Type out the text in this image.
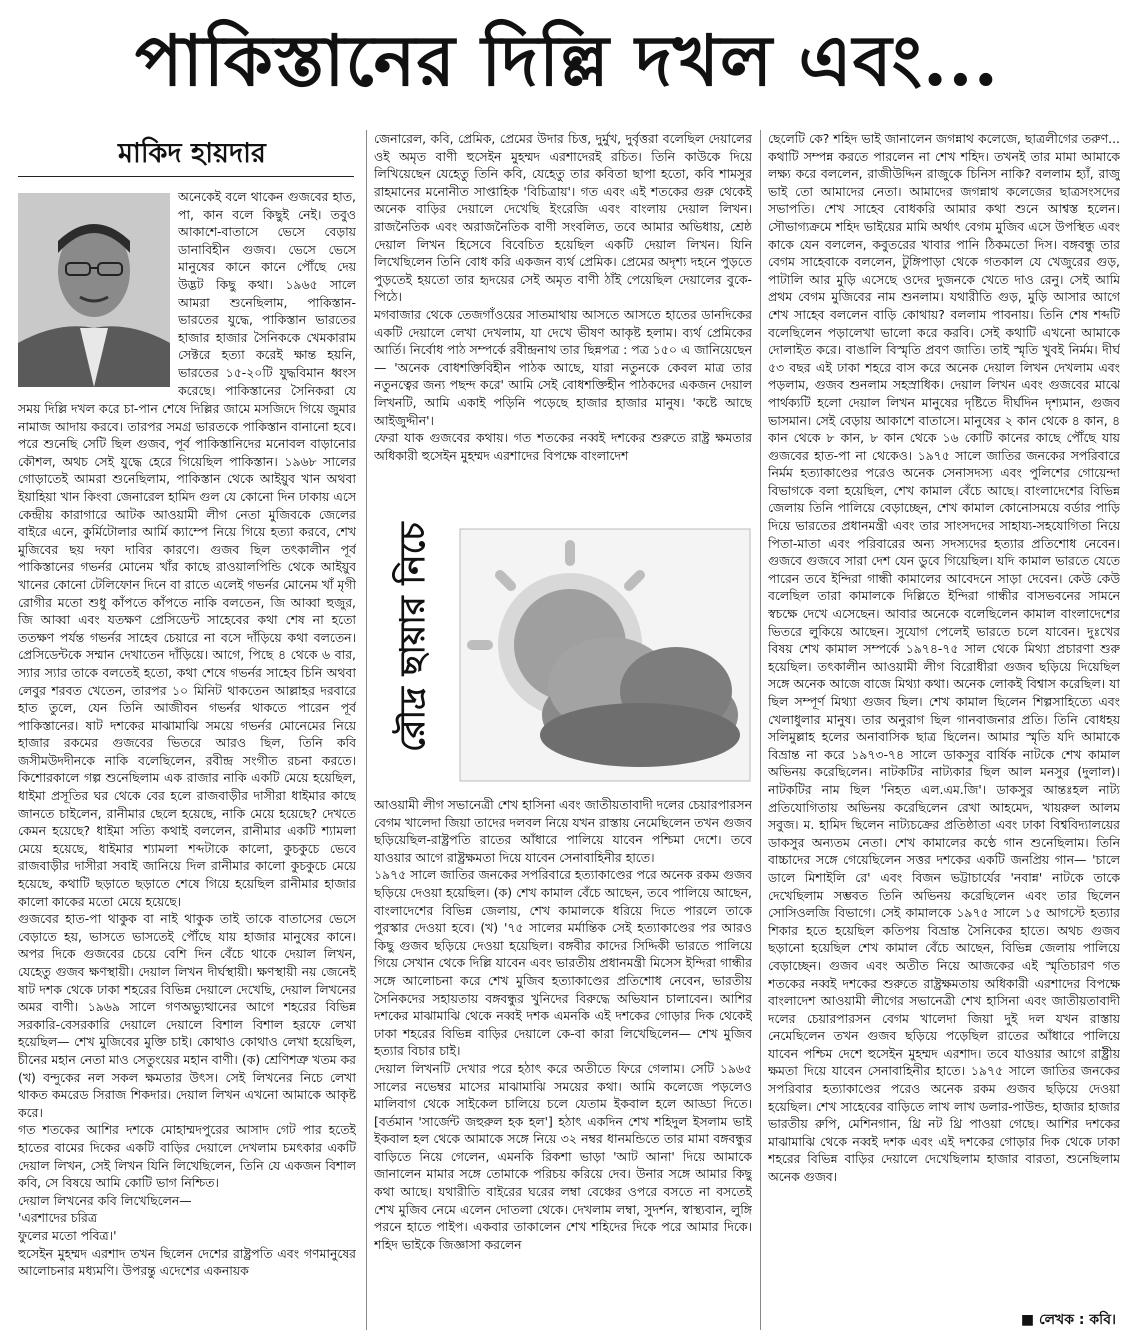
পাকিস্তানের দিল্লি দখল এবং...
মাকিদ হায়দার
অনেকেই বলে থাকেন গুজবের হাত, পা, কান বলে কিছুই নেই। তবুও আকাশে-বাতাসে ভেসে বেড়ায় ডানাবিহীন গুজব। ভেসে ভেসে মানুষের কানে কানে পৌঁছে দেয় উদ্ভট কিছু কথা। ১৯৬৫ সালে আমরা শুনেছিলাম, পাকিস্তান-ভারতের যুদ্ধে, পাকিস্তান ভারতের হাজার হাজার সৈনিককে খেমকারাম সেক্টরে হত্যা করেই ক্ষান্ত হয়নি, ভারতের ১৫-২০টি যুদ্ধবিমান ধ্বংস করেছে। পাকিস্তানের সৈনিকরা যে

সময় দিল্লি দখল করে চা-পান শেষে দিল্লির জামে মসজিদে গিয়ে জুমার নামাজ আদায় করবে। তারপর সমগ্র ভারতকে পাকিস্তান বানানো হবে। পরে শুনেছি সেটি ছিল গুজব, পূর্ব পাকিস্তানিদের মনোবল বাড়ানোর কৌশল, অথচ সেই যুদ্ধে হেরে গিয়েছিল পাকিস্তান। ১৯৬৮ সালের গোড়াতেই আমরা শুনেছিলাম, পাকিস্তান থেকে আইয়ুব খান অথবা ইয়াহিয়া খান কিংবা জেনারেল হামিদ গুল যে কোনো দিন ঢাকায় এসে কেন্দ্রীয় কারাগারে আটক আওয়ামী লীগ নেতা মুজিবকে জেলের বাইরে এনে, কুর্মিটোলার আর্মি ক্যাম্পে নিয়ে গিয়ে হত্যা করবে, শেখ মুজিবের ছয় দফা দাবির কারণে। গুজব ছিল তৎকালীন পূর্ব পাকিস্তানের গভর্নর মোনেম খাঁর কাছে রাওয়ালপিন্ডি থেকে আইয়ুব খানের কোনো টেলিফোন দিনে বা রাতে এলেই গভর্নর মোনেম খাঁ মৃগী রোগীর মতো শুধু কাঁপতে কাঁপতে নাকি বলতেন, জি আব্বা হুজুর, জি আব্বা এবং যতক্ষণ প্রেসিডেন্ট সাহেবের কথা শেষ না হতো ততক্ষণ পর্যন্ত গভর্নর সাহেব চেয়ারে না বসে দাঁড়িয়ে কথা বলতেন। প্রেসিডেন্টকে সম্মান দেখাতেন দাঁড়িয়ে। আগে, পিছে ৪ থেকে ৬ বার, স্যার স্যার তাকে বলতেই হতো, কথা শেষে গভর্নর সাহেব চিনি অথবা লেবুর শরবত খেতেন, তারপর ১০ মিনিট থাকতেন আল্লাহর দরবারে হাত তুলে, যেন তিনি আজীবন গভর্নর থাকতে পারেন পূর্ব পাকিস্তানের। ষাট দশকের মাঝামাঝি সময়ে গভর্নর মোনেমের নিয়ে হাজার রকমের গুজবের ভিতরে আরও ছিল, তিনি কবি জসীমউদদীনকে নাকি বলেছিলেন, রবীন্দ্র সংগীত রচনা করতে। কিশোরকালে গল্প শুনেছিলাম এক রাজার নাকি একটি মেয়ে হয়েছিল, ধাইমা প্রসূতির ঘর থেকে বের হলে রাজবাড়ীর দাসীরা ধাইমার কাছে জানতে চাইলেন, রানীমার ছেলে হয়েছে, নাকি মেয়ে হয়েছে? দেখতে কেমন হয়েছে? ধাইমা সত্যি কথাই বললেন, রানীমার একটি শ্যামলা মেয়ে হয়েছে, ধাইমার শ্যামলা শব্দটাকে কালো, কুচকুচে ভেবে রাজবাড়ীর দাসীরা সবাই জানিয়ে দিল রানীমার কালো কুচকুচে মেয়ে হয়েছে, কথাটি ছড়াতে ছড়াতে শেষে গিয়ে হয়েছিল রানীমার হাজার কালো কাকের মতো মেয়ে হয়েছে।

গুজবের হাত-পা থাকুক বা নাই থাকুক তাই তাকে বাতাসের ভেসে বেড়াতে হয়, ভাসতে ভাসতেই পৌঁছে যায় হাজার মানুষের কানে। অপর দিকে গুজবের চেয়ে বেশি দিন বেঁচে থাকে দেয়াল লিখন, যেহেতু গুজব ক্ষণস্থায়ী। দেয়াল লিখন দীর্ঘস্থায়ী। ক্ষণস্থায়ী নয় জেনেই ষাট দশক থেকে ঢাকা শহরের বিভিন্ন দেয়ালে দেখেছি, দেয়াল লিখনের অমর বাণী। ১৯৬৯ সালে গণঅভ্যুত্থানের আগে শহরের বিভিন্ন সরকারি-বেসরকারি দেয়ালে দেয়ালে বিশাল বিশাল হরফে লেখা হয়েছিল— শেখ মুজিবের মুক্তি চাই। কোথাও কোথাও লেখা হয়েছিল, চীনের মহান নেতা মাও সেতুংয়ের মহান বাণী। (ক) শ্রেণিশত্রু খতম কর (খ) বন্দুকের নল সকল ক্ষমতার উৎস। সেই লিখনের নিচে লেখা থাকত কমরেড সিরাজ শিকদার। দেয়াল লিখন এখনো আমাকে আকৃষ্ট করে।

গত শতকের আশির দশকে মোহাম্মদপুরের আসাদ গেট পার হতেই হাতের বামের দিকের একটি বাড়ির দেয়ালে দেখলাম চমৎকার একটি দেয়াল লিখন, সেই লিখন যিনি লিখেছিলেন, তিনি যে একজন বিশাল কবি, সে বিষয়ে আমি কোটি ভাগ নিশ্চিত।

দেয়াল লিখনের কবি লিখেছিলেন—

'এরশাদের চরিত্র

ফুলের মতো পবিত্র।'

হুসেইন মুহম্মদ এরশাদ তখন ছিলেন দেশের রাষ্ট্রপতি এবং গণমানুষের আলোচনার মধ্যমণি। উপরন্তু এদেশের একনায়ক

জেনারেল, কবি, প্রেমিক, প্রেমের উদার চিত্ত, দুর্মুখ, দুর্বৃত্তরা বলেছিল দেয়ালের ওই অমৃত বাণী হুসেইন মুহম্মদ এরশাদেরই রচিত। তিনি কাউকে দিয়ে লিখিয়েছেন যেহেতু তিনি কবি, যেহেতু তার কবিতা ছাপা হতো, কবি শামসুর রাহমানের মনোনীত সাপ্তাহিক 'বিচিত্রায়'। গত এবং এই শতকের গুরু থেকেই অনেক বাড়ির দেয়ালে দেখেছি ইংরেজি এবং বাংলায় দেয়াল লিখন। রাজনৈতিক এবং অরাজনৈতিক বাণী সংবলিত, তবে আমার অভিধায়, শ্রেষ্ঠ দেয়াল লিখন হিসেবে বিবেচিত হয়েছিল একটি দেয়াল লিখন। যিনি লিখেছিলেন তিনি বোধ করি একজন ব্যর্থ প্রেমিক। প্রেমের অদৃশ্য দহনে পুড়তে পুড়তেই হয়তো তার হৃদয়ের সেই অমৃত বাণী ঠাঁই পেয়েছিল দেয়ালের বুকে-পিঠে।

মগবাজার থেকে তেজগাঁওয়ের সাতমাথায় আসতে আসতে হাতের ডানদিকের একটি দেয়ালে লেখা দেখলাম, যা দেখে ভীষণ আকৃষ্ট হলাম। ব্যর্থ প্রেমিকের আর্তি। নির্বোধ পাঠ সম্পর্কে রবীন্দ্রনাথ তার ছিন্নপত্র : পত্র ১৫০ এ জানিয়েছেন— 'অনেক বোধশক্তিবিহীন পাঠক আছে, যারা নতুনকে কেবল মাত্র তার নতুনত্বের জন্য পছন্দ করে' আমি সেই বোধশক্তিহীন পাঠকদের একজন দেয়াল লিখনটি, আমি একাই পড়িনি পড়েছে হাজার হাজার মানুষ। 'কষ্টে আছে আইজুদ্দীন'।

ফেরা যাক গুজবের কথায়। গত শতকের নব্বই দশকের শুরুতে রাষ্ট্র ক্ষমতার অধিকারী হুসেইন মুহম্মদ এরশাদের বিপক্ষে বাংলাদেশ

রৌদ্র ছায়ার নিচে

আওয়ামী লীগ সভানেত্রী শেখ হাসিনা এবং জাতীয়তাবাদী দলের চেয়ারপারসন বেগম খালেদা জিয়া তাদের দলবল নিয়ে যখন রাস্তায় নেমেছিলেন তখন গুজব ছড়িয়েছিল-রাষ্ট্রপতি রাতের আঁধারে পালিয়ে যাবেন পশ্চিমা দেশে। তবে যাওয়ার আগে রাষ্ট্রক্ষমতা দিয়ে যাবেন সেনাবাহিনীর হাতে।

১৯৭৫ সালে জাতির জনকের সপরিবারে হত্যাকাণ্ডের পরে অনেক রকম গুজব ছড়িয়ে দেওয়া হয়েছিল। (ক) শেখ কামাল বেঁচে আছেন, তবে পালিয়ে আছেন, বাংলাদেশের বিভিন্ন জেলায়, শেখ কামালকে ধরিয়ে দিতে পারলে তাকে পুরস্কার দেওয়া হবে। (খ) '৭৫ সালের মর্মান্তিক সেই হত্যাকাণ্ডের পর আরও কিছু গুজব ছড়িয়ে দেওয়া হয়েছিল। বঙ্গবীর কাদের সিদ্দিকী ভারতে পালিয়ে গিয়ে সেখান থেকে দিল্লি যাবেন এবং ভারতীয় প্রধানমন্ত্রী মিসেস ইন্দিরা গান্ধীর সঙ্গে আলোচনা করে শেখ মুজিব হত্যাকাণ্ডের প্রতিশোধ নেবেন, ভারতীয় সৈনিকদের সহায়তায় বঙ্গবন্ধুর খুনিদের বিরুদ্ধে অভিযান চালাবেন। আশির দশকের মাঝামাঝি থেকে নব্বই দশক এমনকি এই দশকের গোড়ার দিক থেকেই ঢাকা শহরের বিভিন্ন বাড়ির দেয়ালে কে-বা কারা লিখেছিলেন— শেখ মুজিব হত্যার বিচার চাই।

দেয়াল লিখনটি দেখার পরে হঠাৎ করে অতীতে ফিরে গেলাম। সেটি ১৯৬৫ সালের নভেম্বর মাসের মাঝামাঝি সময়ের কথা। আমি কলেজে পড়লেও মালিবাগ থেকে সাইকেল চালিয়ে চলে যেতাম ইকবাল হলে আড্ডা দিতে। [বর্তমান 'সার্জেন্ট জহুরুল হক হল'] হঠাৎ একদিন শেখ শহিদুল ইসলাম ভাই ইকবাল হল থেকে আমাকে সঙ্গে নিয়ে ৩২ নম্বর ধানমন্ডিতে তার মামা বঙ্গবন্ধুর বাড়িতে নিয়ে গেলেন, এমনকি রিকশা ভাড়া 'আট আনা' দিয়ে আমাকে জানালেন মামার সঙ্গে তোমাকে পরিচয় করিয়ে দেব। উনার সঙ্গে আমার কিছু কথা আছে। যথারীতি বাইরের ঘরের লম্বা বেঞ্চের ওপরে বসতে না বসতেই শেখ মুজিব নেমে এলেন দোতলা থেকে। দেখলাম লম্বা, সুদর্শন, স্বাস্থ্যবান, লুঙ্গি পরনে হাতে পাইপ। একবার তাকালেন শেখ শহিদের দিকে পরে আমার দিকে। শহিদ ভাইকে জিজ্ঞাসা করলেন

ছেলেটি কে? শহিদ ভাই জানালেন জগন্নাথ কলেজে, ছাত্রলীগের তরুণ... কথাটি সম্পন্ন করতে পারলেন না শেখ শহিদ। তখনই তার মামা আমাকে লক্ষ্য করে বললেন, রাজীউদ্দিন রাজুকে চিনিস নাকি? বললাম হ্যাঁ, রাজু ভাই তো আমাদের নেতা। আমাদের জগন্নাথ কলেজের ছাত্রসংসদের সভাপতি। শেখ সাহেব বোধকরি আমার কথা শুনে আশ্বস্ত হলেন। সৌভাগ্যক্রমে শহিদ ভাইয়ের মামি অর্থাৎ বেগম মুজিব এসে উপস্থিত এবং কাকে যেন বললেন, কবুতরের খাবার পানি ঠিকমতো দিস। বঙ্গবন্ধু তার বেগম সাহেবাকে বললেন, টুঙ্গিপাড়া থেকে গতকাল যে খেজুরের গুড়, পাটালি আর মুড়ি এসেছে ওদের দুজনকে খেতে দাও রেনু। সেই আমি প্রথম বেগম মুজিবের নাম শুনলাম। যথারীতি গুড়, মুড়ি আসার আগে শেখ সাহেব বললেন বাড়ি কোথায়? বললাম পাবনায়। তিনি শেষ শব্দটি বলেছিলেন পড়ালেখা ভালো করে করবি। সেই কথাটি এখনো আমাকে দোলাইত করে। বাঙালি বিস্মৃতি প্রবণ জাতি। তাই স্মৃতি খুবই নির্মম। দীর্ঘ ৫৩ বছর এই ঢাকা শহরে বাস করে অনেক দেয়াল লিখন দেখলাম এবং পড়লাম, গুজব শুনলাম সহস্রাধিক। দেয়াল লিখন এবং গুজবের মাঝে পার্থক্যটি হলো দেয়াল লিখন মানুষের দৃষ্টিতে দীর্ঘদিন দৃশ্যমান, গুজব ভাসমান। সেই বেড়ায় আকাশে বাতাসে। মানুষের ২ কান থেকে ৪ কান, ৪ কান থেকে ৮ কান, ৮ কান থেকে ১৬ কোটি কানের কাছে পৌঁছে যায় গুজবের হাত-পা না থেকেও। ১৯৭৫ সালে জাতির জনকের সপরিবারে নির্মম হত্যাকাণ্ডের পরেও অনেক সেনাসদস্য এবং পুলিশের গোয়েন্দা বিভাগকে বলা হয়েছিল, শেখ কামাল বেঁচে আছে। বাংলাদেশের বিভিন্ন জেলায় তিনি পালিয়ে বেড়াচ্ছেন, শেখ কামাল কোনোসময়ে বর্ডার পাড়ি দিয়ে ভারতের প্রধানমন্ত্রী এবং তার সাংসদদের সাহায্য-সহযোগিতা নিয়ে পিতা-মাতা এবং পরিবারের অন্য সদস্যদের হত্যার প্রতিশোধ নেবেন। গুজবে গুজবে সারা দেশ যেন ডুবে গিয়েছিল। যদি কামাল ভারতে যেতে পারেন তবে ইন্দিরা গান্ধী কামালের আবেদনে সাড়া দেবেন। কেউ কেউ বলেছিল তারা কামালকে দিল্লিতে ইন্দিরা গান্ধীর বাসভবনের সামনে স্বচক্ষে দেখে এসেছেন। আবার অনেকে বলেছিলেন কামাল বাংলাদেশের ভিতরে লুকিয়ে আছেন। সুযোগ পেলেই ভারতে চলে যাবেন। দুঃখের বিষয় শেখ কামাল সম্পর্কে ১৯৭৪-৭৫ সাল থেকে মিথ্যা প্রচারণা শুরু হয়েছিল। তৎকালীন আওয়ামী লীগ বিরোধীরা গুজব ছড়িয়ে দিয়েছিল সঙ্গে অনেক আজে বাজে মিথ্যা কথা। অনেক লোকই বিশ্বাস করেছিল। যা ছিল সম্পূর্ণ মিথ্যা গুজব ছিল। শেখ কামাল ছিলেন শিল্পসাহিত্যে এবং খেলাধুলার মানুষ। তার অনুরাগ ছিল গানবাজনার প্রতি। তিনি বোধহয় সলিমুল্লাহ হলের অনাবাসিক ছাত্র ছিলেন। আমার স্মৃতি যদি আমাকে বিভ্রান্ত না করে ১৯৭৩-৭৪ সালে ডাকসুর বার্ষিক নাটকে শেখ কামাল অভিনয় করেছিলেন। নাটকটির নাট্যকার ছিল আল মনসুর (দুলাল)। নাটকটির নাম ছিল 'নিহত এল.এম.জি'। ডাকসুর আন্তঃহল নাট্য প্রতিযোগিতায় অভিনয় করেছিলেন রেখা আহমেদ, খায়রুল আলম সবুজ। ম. হামিদ ছিলেন নাট্যচক্রের প্রতিষ্ঠাতা এবং ঢাকা বিশ্ববিদ্যালয়ের ডাকসুর অন্যতম নেতা। শেখ কামালের কণ্ঠে গান শুনেছিলাম। তিনি বাচ্চাদের সঙ্গে গেয়েছিলেন সত্তর দশকের একটি জনপ্রিয় গান— 'চালে ডালে মিশাইলি রে' এবং বিজন ভট্টাচার্যের 'নবান্ন' নাটকে তাকে দেখেছিলাম সম্ভবত তিনি অভিনয় করেছিলেন এবং তার ছিলেন সোসিওলজি বিভাগে। সেই কামালকে ১৯৭৫ সালে ১৫ আগস্টে হত্যার শিকার হতে হয়েছিল কতিপয় বিভ্রান্ত সৈনিকের হাতে। অথচ গুজব ছড়ানো হয়েছিল শেখ কামাল বেঁচে আছেন, বিভিন্ন জেলায় পালিয়ে বেড়াচ্ছেন। গুজব এবং অতীত নিয়ে আজকের এই স্মৃতিচারণ গত শতকের নব্বই দশকের শুরুতে রাষ্ট্রক্ষমতায় অধিকারী এরশাদের বিপক্ষে বাংলাদেশ আওয়ামী লীগের সভানেত্রী শেখ হাসিনা এবং জাতীয়তাবাদী দলের চেয়ারপারসন বেগম খালেদা জিয়া দুই দল যখন রাস্তায় নেমেছিলেন তখন গুজব ছড়িয়ে পড়েছিল রাতের আঁধারে পালিয়ে যাবেন পশ্চিম দেশে হুসেইন মুহম্মদ এরশাদ। তবে যাওয়ার আগে রাষ্ট্রীয় ক্ষমতা দিয়ে যাবেন সেনাবাহিনীর হাতে। ১৯৭৫ সালে জাতির জনকের সপরিবার হত্যাকাণ্ডের পরেও অনেক রকম গুজব ছড়িয়ে দেওয়া হয়েছিল। শেখ সাহেবের বাড়িতে লাখ লাখ ডলার-পাউন্ড, হাজার হাজার ভারতীয় রুপি, মেশিনগান, থ্রি নট থ্রি পাওয়া গেছে। আশির দশকের মাঝামাঝি থেকে নব্বই দশক এবং এই দশকের গোড়ার দিক থেকে ঢাকা শহরের বিভিন্ন বাড়ির দেয়ালে দেখেছিলাম হাজার বারতা, শুনেছিলাম অনেক গুজব।

■ লেখক : কবি।
